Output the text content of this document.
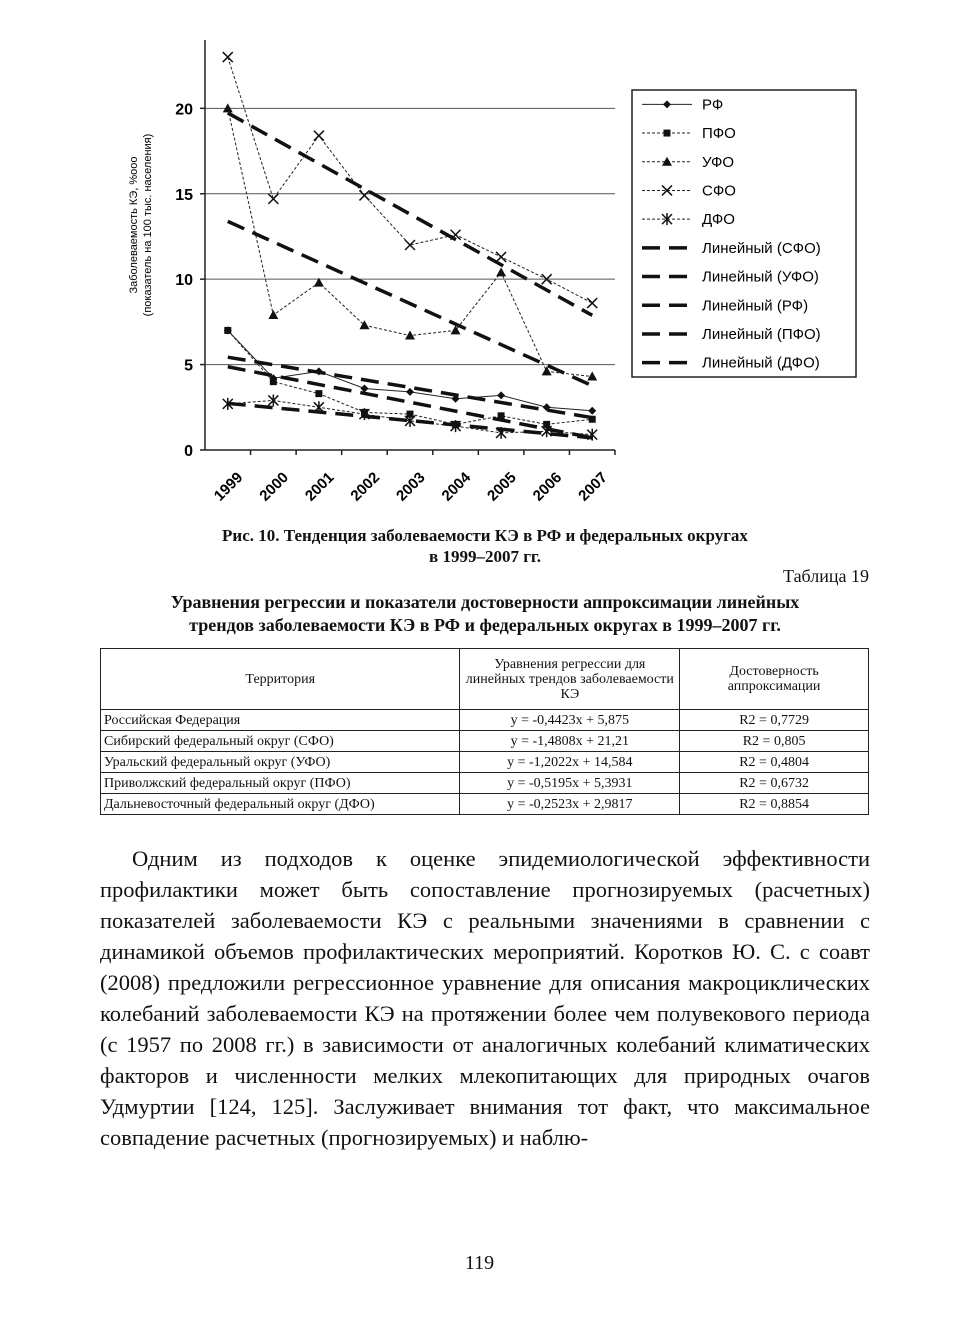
0
5
10
15
20
1999 2000 2001 2002 2003 2004 2005 2006 2007
Заболеваемость КЭ, %ооо (показатель на 100 тыс. населения)
РФ
ПФО
УФО
СФО
ДФО
Линейный (СФО)
Линейный (УФО)
Линейный (РФ)
Линейный (ПФО)
Линейный (ДФО)
Рис. 10. Тенденция заболеваемости КЭ в РФ и федеральных округах
в 1999–2007 гг.
Таблица 19
Уравнения регрессии и показатели достоверности аппроксимации линейных
трендов заболеваемости КЭ в РФ и федеральных округах в 1999–2007 гг.
Территория	Уравнения регрессии для линейных трендов заболеваемости КЭ	Достоверность аппроксимации
Российская Федерация	y = -0,4423x + 5,875	R2 = 0,7729
Сибирский федеральный округ (СФО)	y = -1,4808x + 21,21	R2 = 0,805
Уральский федеральный округ (УФО)	y = -1,2022x + 14,584	R2 = 0,4804
Приволжский федеральный округ (ПФО)	y = -0,5195x + 5,3931	R2 = 0,6732
Дальневосточный федеральный округ (ДФО)	y = -0,2523x + 2,9817	R2 = 0,8854

Одним из подходов к оценке эпидемиологической эффективности профилактики может быть сопоставление прогнозируемых (расчетных) показателей заболеваемости КЭ с реальными значениями в сравнении с динамикой объемов профилактических мероприятий. Коротков Ю. С. с соавт (2008) предложили регрессионное уравнение для описания макроциклических колебаний заболеваемости КЭ на протяжении более чем полувекового периода (с 1957 по 2008 гг.) в зависимости от аналогичных колебаний климатических факторов и численности мелких млекопитающих для природных очагов Удмуртии [124, 125]. Заслуживает внимания тот факт, что максимальное совпадение расчетных (прогнозируемых) и наблю-

119
